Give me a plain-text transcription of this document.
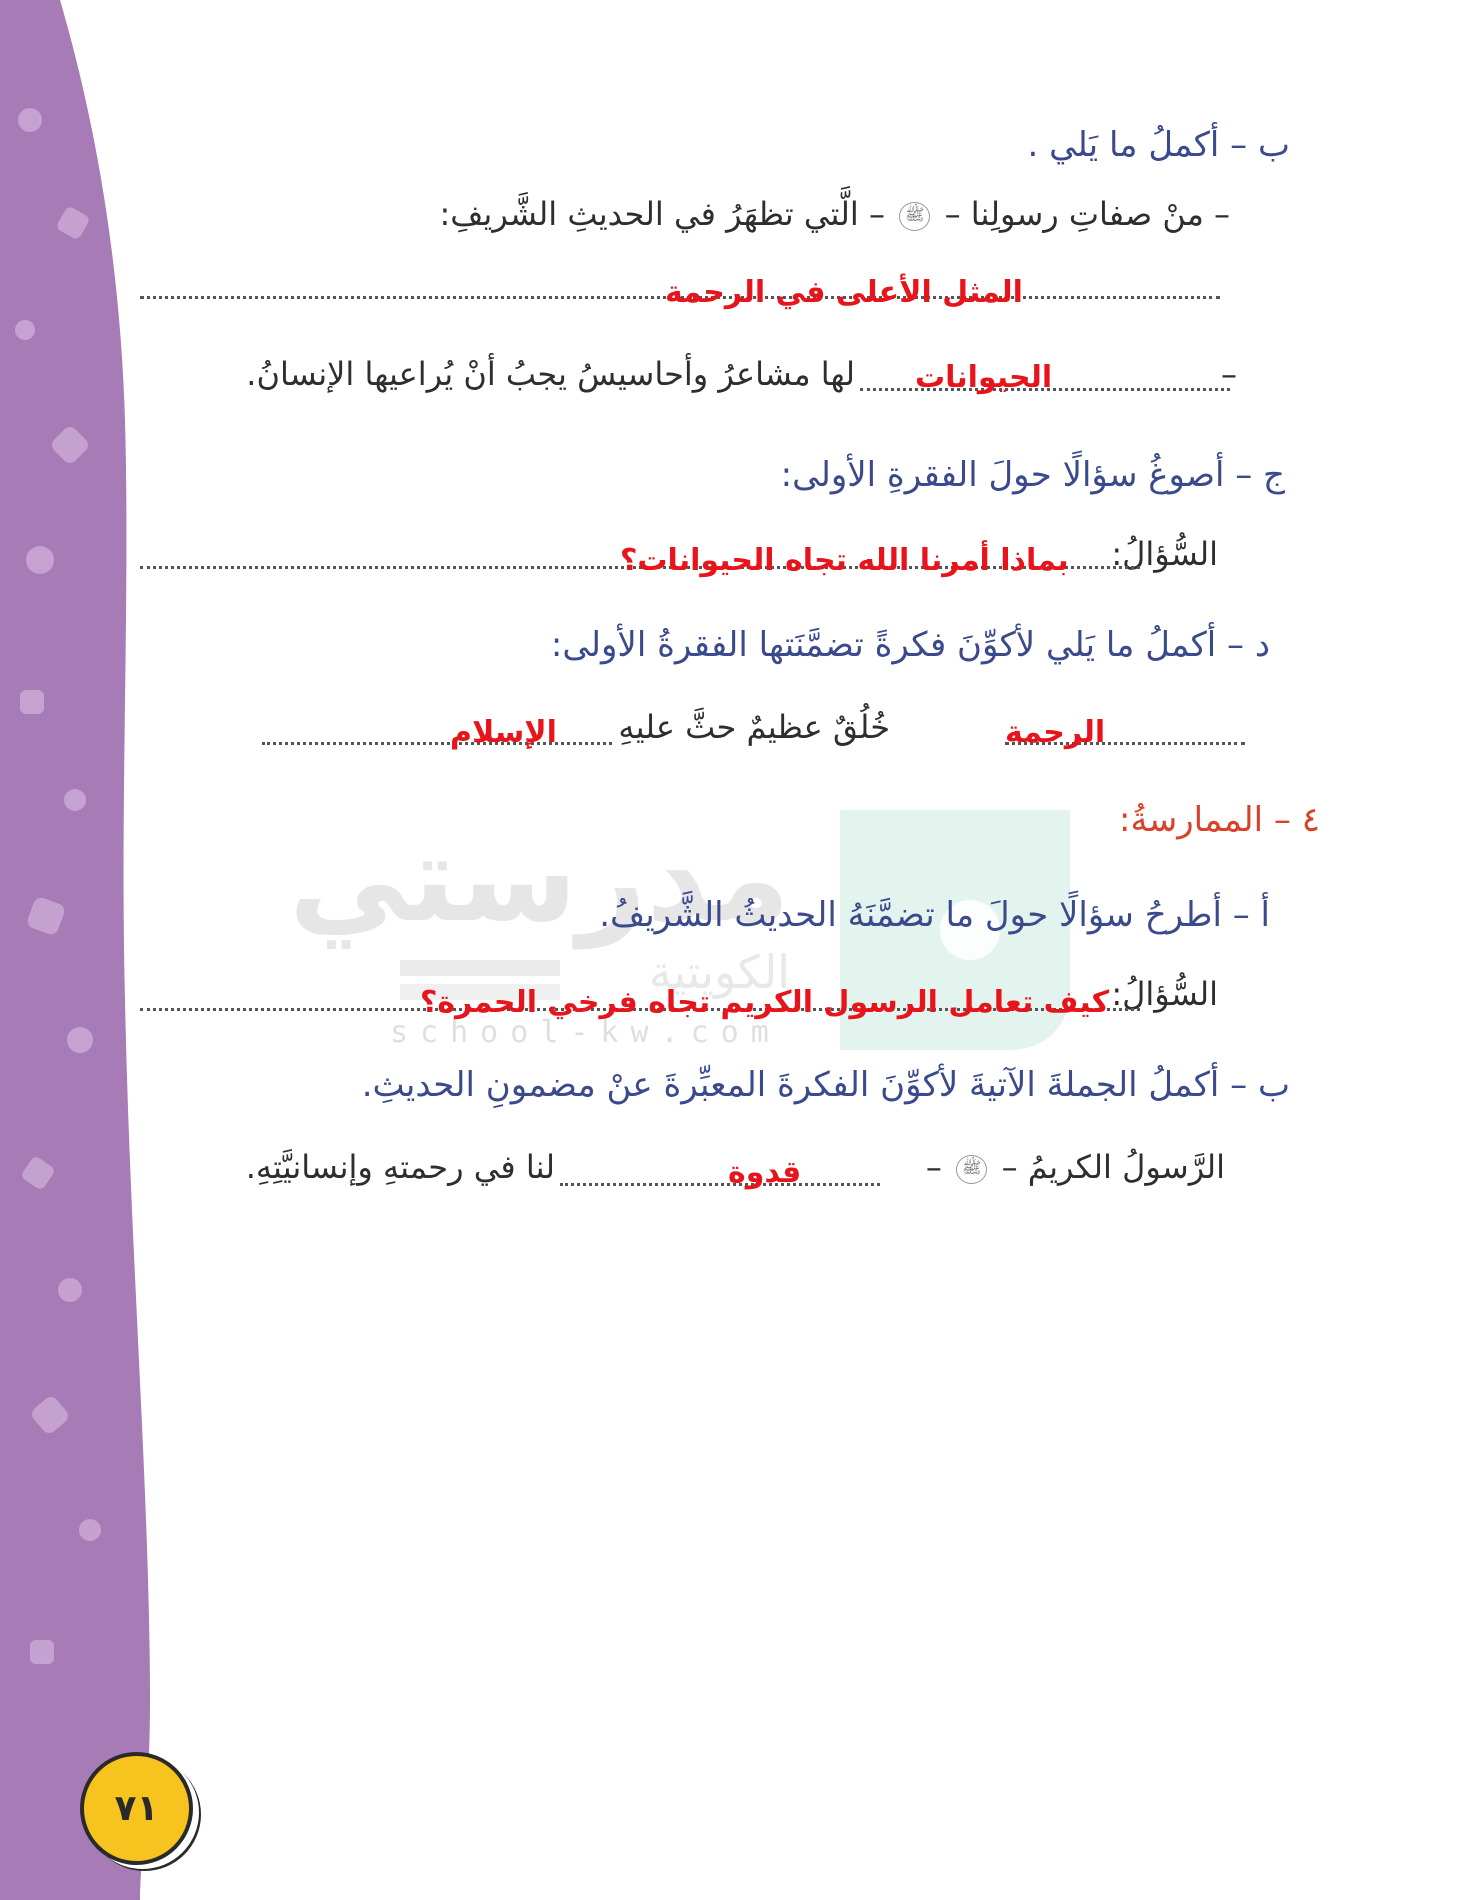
مدرستي
الكويتية
school-kw.com
ب – أكملُ ما يَلي .
– منْ صفاتِ رسولِنا – ﷺ – الَّتي تظهَرُ في الحديثِ الشَّريفِ:
المثل الأعلى في الرحمة
–
الحيوانات
لها مشاعرُ وأحاسيسُ يجبُ أنْ يُراعيها الإنسانُ.
ج – أصوغُ سؤالًا حولَ الفقرةِ الأولى:
السُّؤالُ:
بماذا أمرنا الله تجاه الحيوانات؟
د – أكملُ ما يَلي لأكوِّنَ فكرةً تضمَّنَتها الفقرةُ الأولى:
الرحمة
خُلُقٌ عظيمٌ حثَّ عليهِ
الإسلام
٤ – الممارسةُ:
أ – أطرحُ سؤالًا حولَ ما تضمَّنَهُ الحديثُ الشَّريفُ.
السُّؤالُ:
كيف تعامل الرسول الكريم تجاه فرخي الحمرة؟
ب – أكملُ الجملةَ الآتيةَ لأكوِّنَ الفكرةَ المعبِّرةَ عنْ مضمونِ الحديثِ.
الرَّسولُ الكريمُ – ﷺ –
قدوة
لنا في رحمتهِ وإنسانيَّتِهِ.
٧١
